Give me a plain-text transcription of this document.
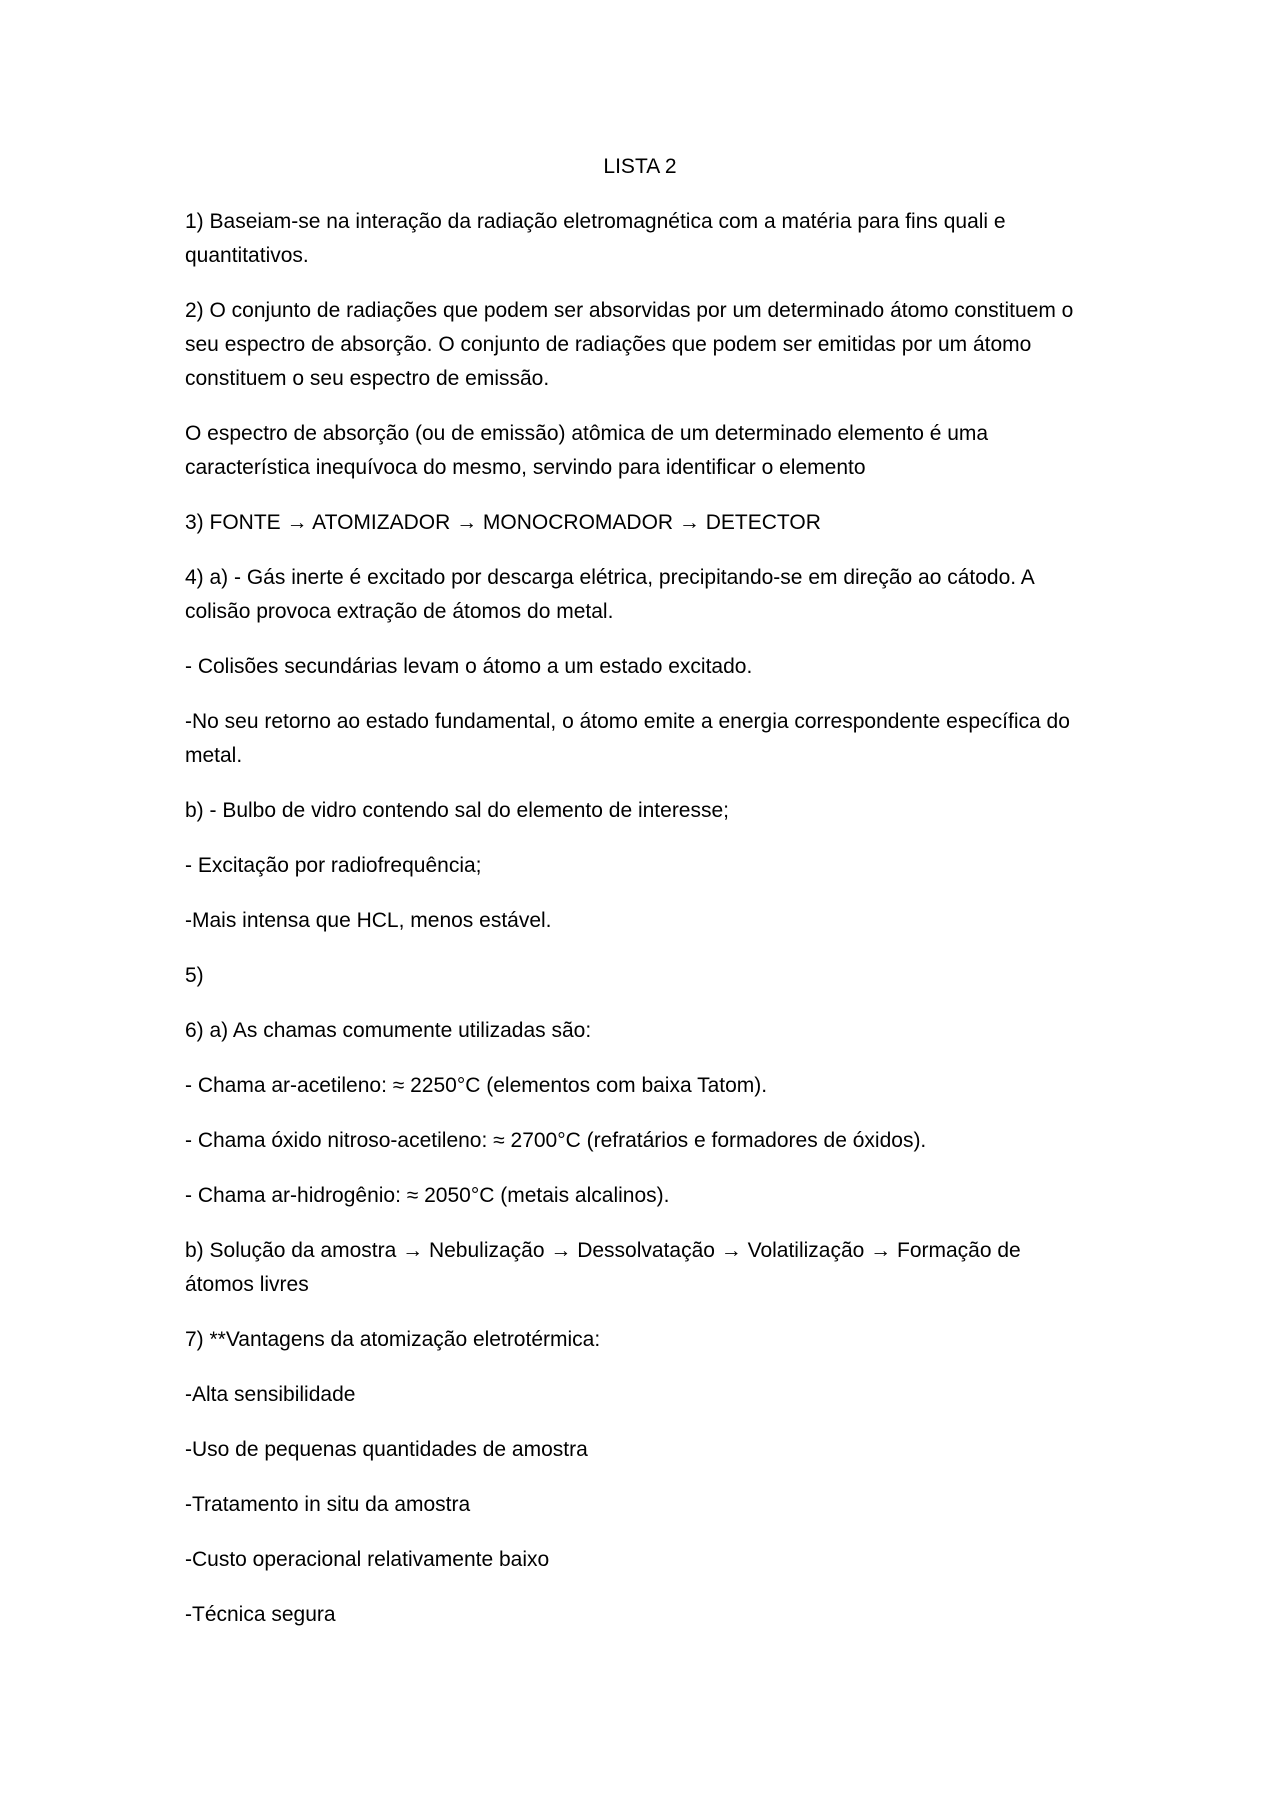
LISTA 2

1) Baseiam-se na interação da radiação eletromagnética com a matéria para fins quali e quantitativos.

2) O conjunto de radiações que podem ser absorvidas por um determinado átomo constituem o seu espectro de absorção. O conjunto de radiações que podem ser emitidas por um átomo constituem o seu espectro de emissão.

O espectro de absorção (ou de emissão) atômica de um determinado elemento é uma característica inequívoca do mesmo, servindo para identificar o elemento

3) FONTE → ATOMIZADOR → MONOCROMADOR → DETECTOR

4) a) - Gás inerte é excitado por descarga elétrica, precipitando-se em direção ao cátodo. A colisão provoca extração de átomos do metal.

- Colisões secundárias levam o átomo a um estado excitado.

-No seu retorno ao estado fundamental, o átomo emite a energia correspondente específica do metal.

b) - Bulbo de vidro contendo sal do elemento de interesse;

- Excitação por radiofrequência;

-Mais intensa que HCL, menos estável.

5)

6) a) As chamas comumente utilizadas são:

- Chama ar-acetileno: ≈ 2250°C (elementos com baixa Tatom).

- Chama óxido nitroso-acetileno: ≈ 2700°C (refratários e formadores de óxidos).

- Chama ar-hidrogênio: ≈ 2050°C (metais alcalinos).

b) Solução da amostra → Nebulização → Dessolvatação → Volatilização → Formação de átomos livres

7) **Vantagens da atomização eletrotérmica:

-Alta sensibilidade

-Uso de pequenas quantidades de amostra

-Tratamento in situ da amostra

-Custo operacional relativamente baixo

-Técnica segura
